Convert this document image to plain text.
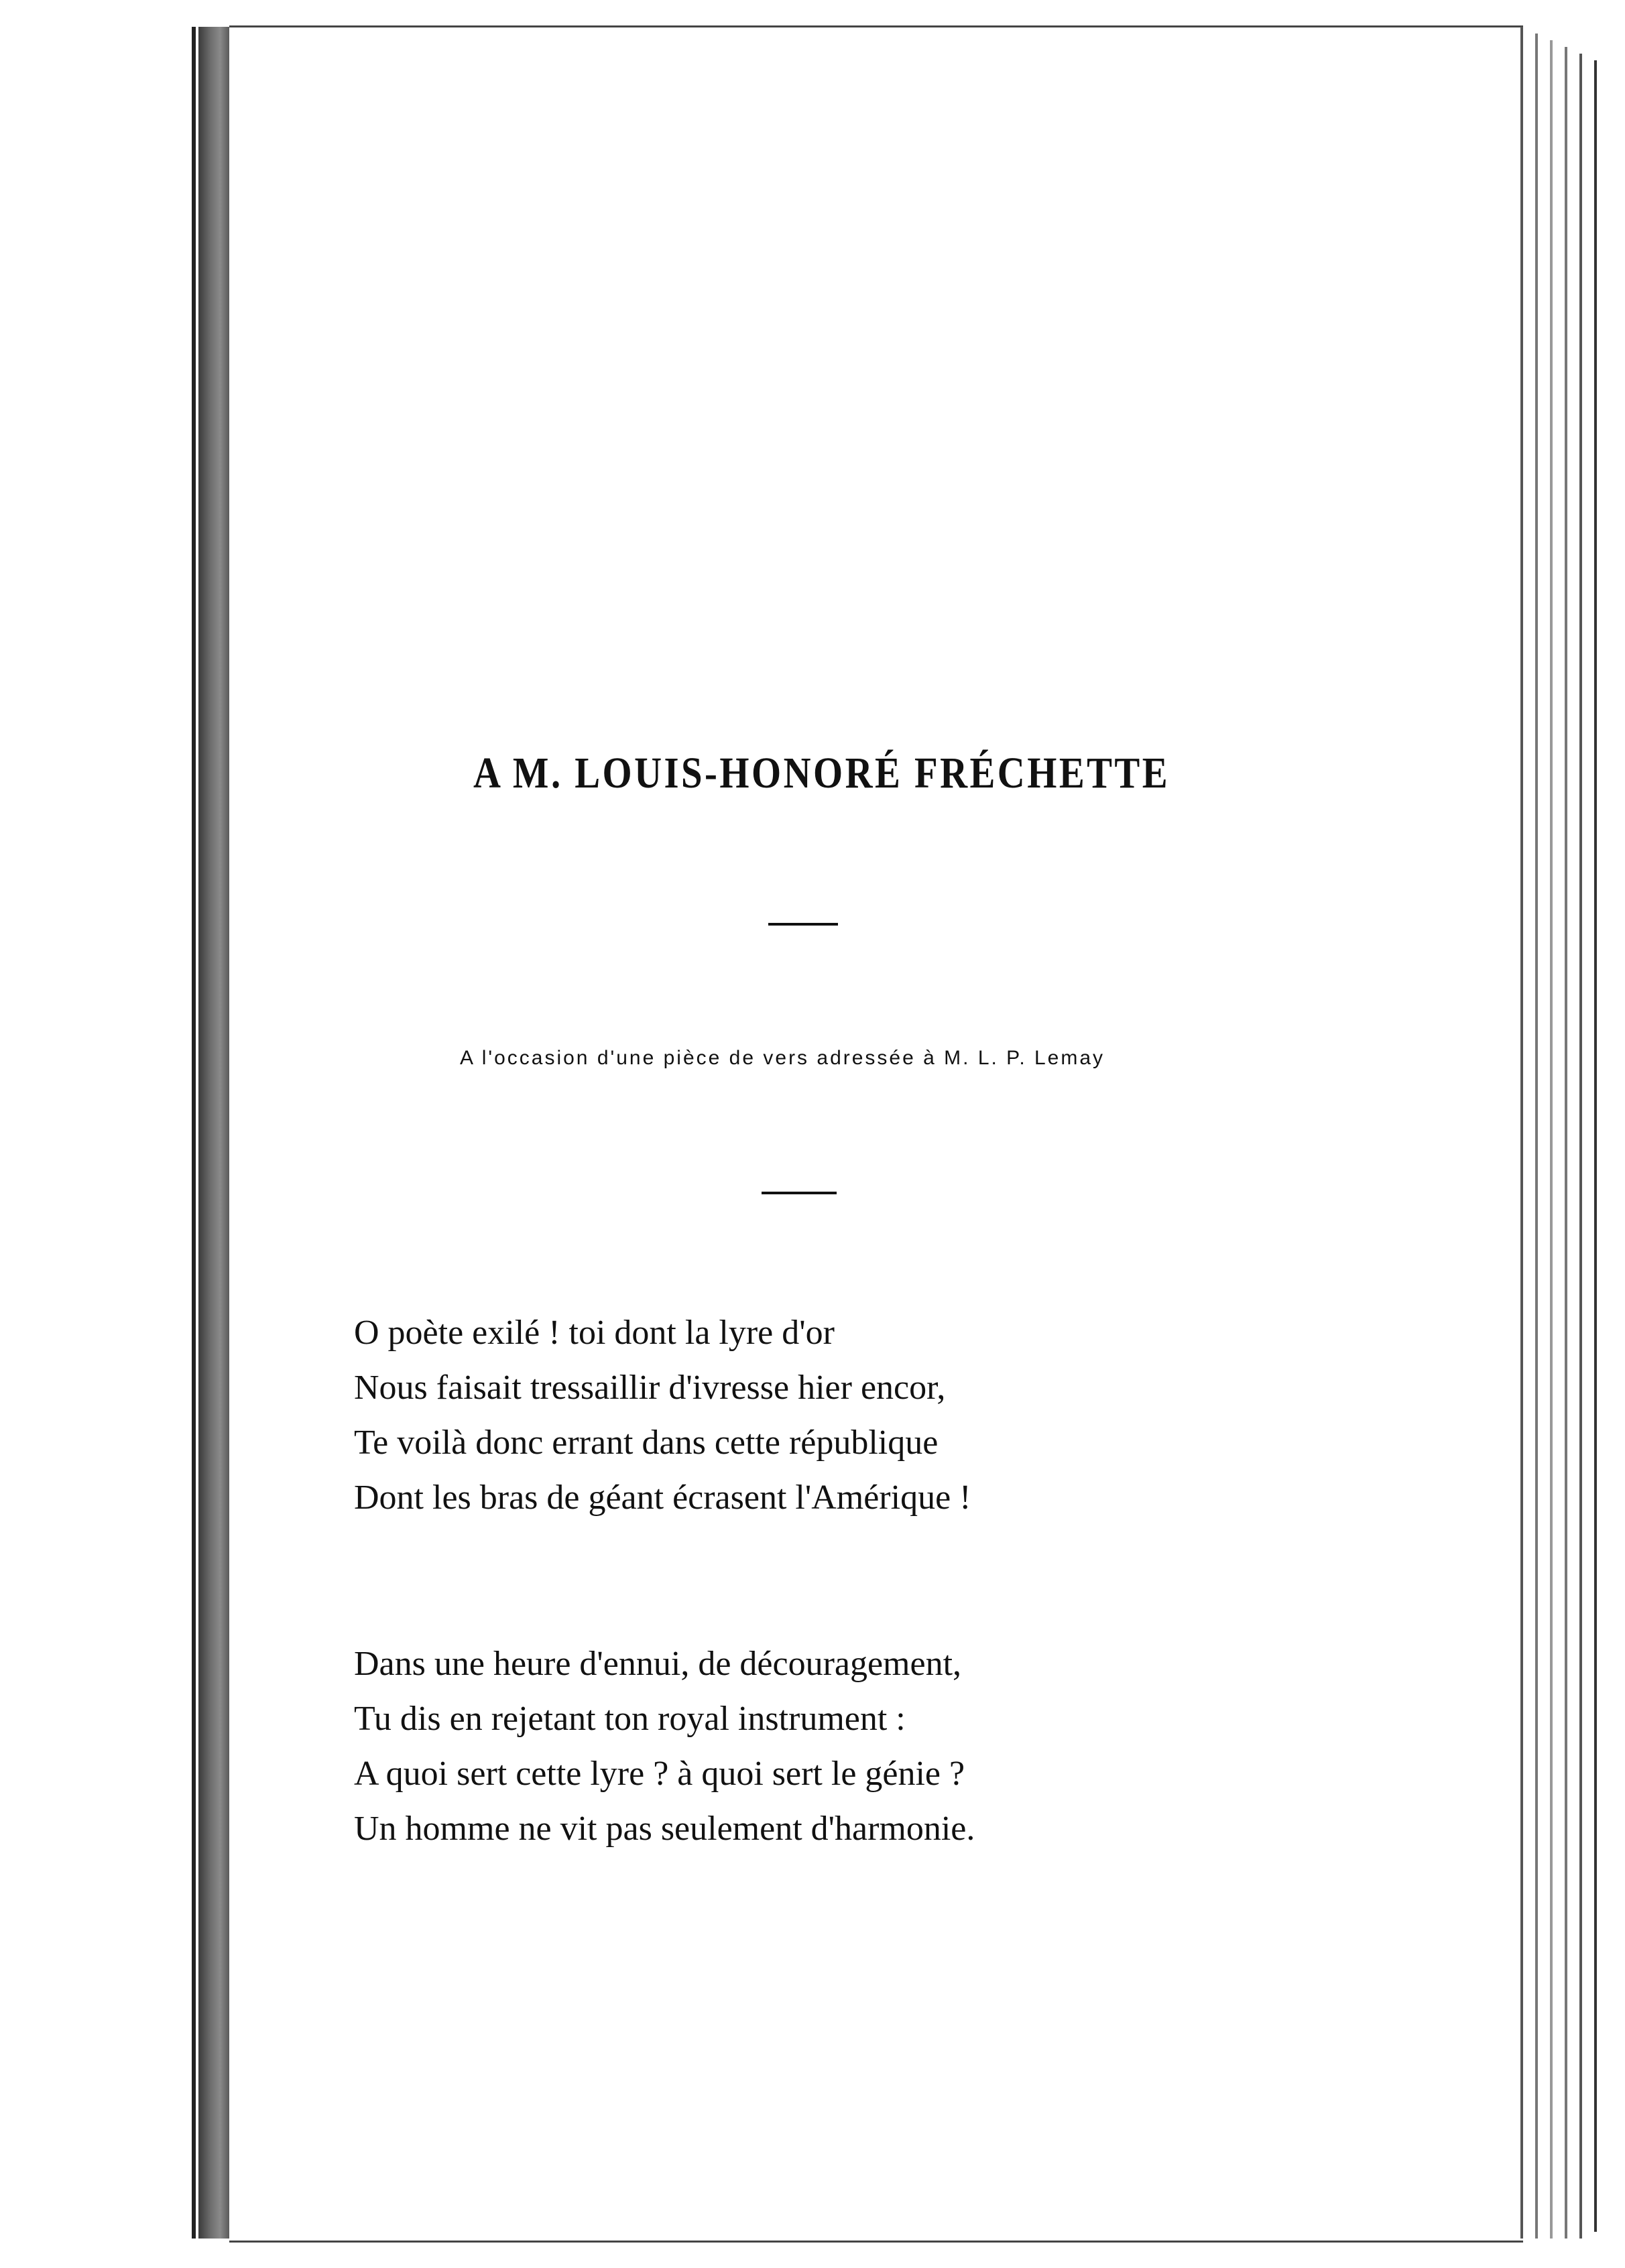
A M. LOUIS-HONORÉ FRÉCHETTE
A l'occasion d'une pièce de vers adressée à M. L. P. Lemay
O poète exilé ! toi dont la lyre d'or
Nous faisait tressaillir d'ivresse hier encor,
Te voilà donc errant dans cette république
Dont les bras de géant écrasent l'Amérique !
Dans une heure d'ennui, de découragement,
Tu dis en rejetant ton royal instrument :
A quoi sert cette lyre ? à quoi sert le génie ?
Un homme ne vit pas seulement d'harmonie.
